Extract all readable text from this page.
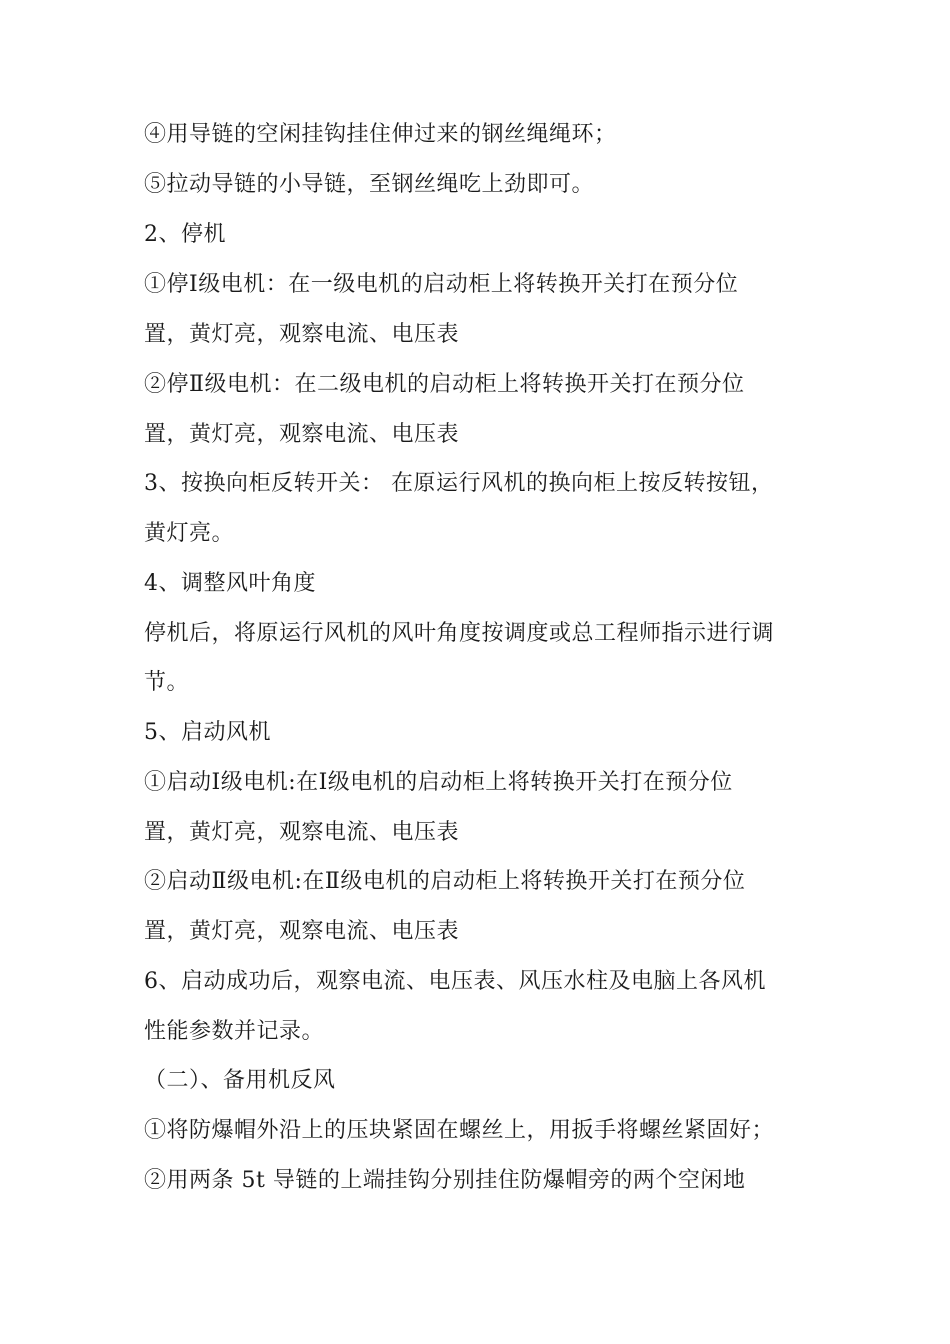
④用导链的空闲挂钩挂住伸过来的钢丝绳绳环；
⑤拉动导链的小导链，至钢丝绳吃上劲即可。
2、停机
①停Ⅰ级电机：在一级电机的启动柜上将转换开关打在预分位
置，黄灯亮，观察电流、电压表
②停Ⅱ级电机：在二级电机的启动柜上将转换开关打在预分位
置，黄灯亮，观察电流、电压表
3、按换向柜反转开关： 在原运行风机的换向柜上按反转按钮，
黄灯亮。
4、调整风叶角度
停机后，将原运行风机的风叶角度按调度或总工程师指示进行调
节。
5、启动风机
①启动Ⅰ级电机:在Ⅰ级电机的启动柜上将转换开关打在预分位
置，黄灯亮，观察电流、电压表
②启动Ⅱ级电机:在Ⅱ级电机的启动柜上将转换开关打在预分位
置，黄灯亮，观察电流、电压表
6、启动成功后，观察电流、电压表、风压水柱及电脑上各风机
性能参数并记录。
（二）、备用机反风
①将防爆帽外沿上的压块紧固在螺丝上，用扳手将螺丝紧固好；
②用两条 5t 导链的上端挂钩分别挂住防爆帽旁的两个空闲地
